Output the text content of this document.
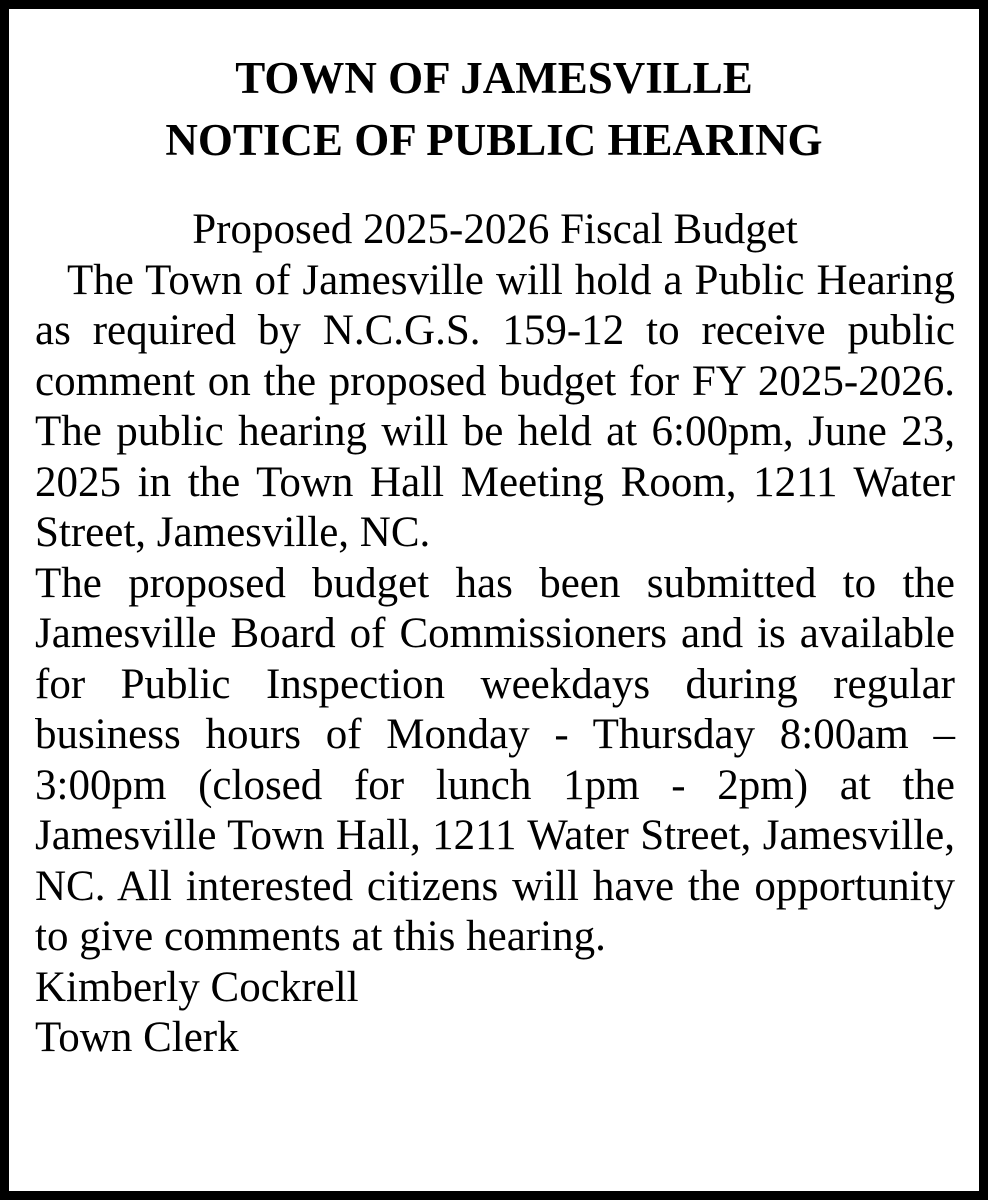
TOWN OF JAMESVILLE
NOTICE OF PUBLIC HEARING
Proposed 2025-2026 Fiscal Budget

The Town of Jamesville will hold a Public Hearing as required by N.C.G.S. 159-12 to receive public comment on the proposed budget for FY 2025-2026. The public hearing will be held at 6:00pm, June 23, 2025 in the Town Hall Meeting Room, 1211 Water Street, Jamesville, NC.

The proposed budget has been submitted to the Jamesville Board of Commissioners and is available for Public Inspection weekdays during regular business hours of Monday - Thursday 8:00am – 3:00pm (closed for lunch 1pm - 2pm) at the Jamesville Town Hall, 1211 Water Street, Jamesville, NC. All interested citizens will have the opportunity to give comments at this hearing.

Kimberly Cockrell
Town Clerk
